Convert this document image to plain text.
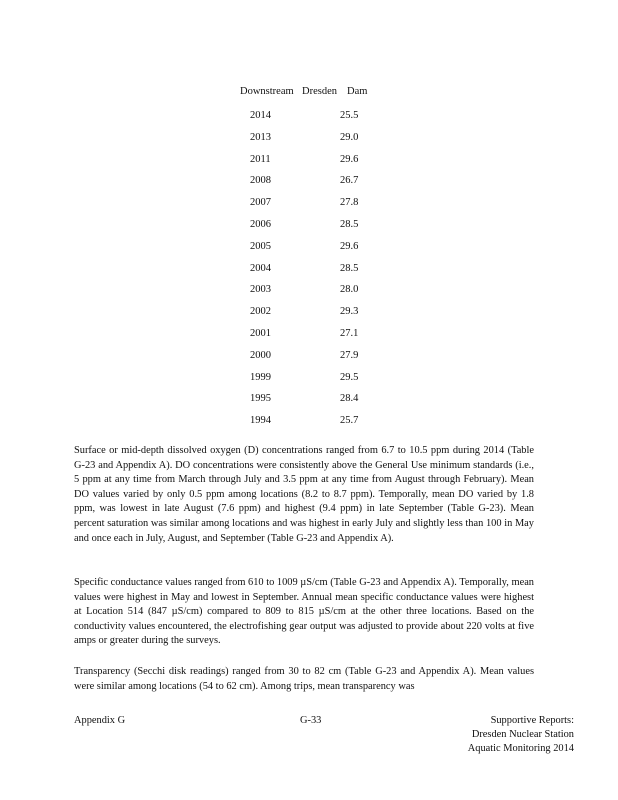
Downstream Dresden Dam
2014	25.5
2013	29.0
2011	29.6
2008	26.7
2007	27.8
2006	28.5
2005	29.6
2004	28.5
2003	28.0
2002	29.3
2001	27.1
2000	27.9
1999	29.5
1995	28.4
1994	25.7

Surface or mid-depth dissolved oxygen (D) concentrations ranged from 6.7 to 10.5 ppm during 2014 (Table G-23 and Appendix A). DO concentrations were consistently above the General Use minimum standards (i.e., 5 ppm at any time from March through July and 3.5 ppm at any time from August through February). Mean DO values varied by only 0.5 ppm among locations (8.2 to 8.7 ppm). Temporally, mean DO varied by 1.8 ppm, was lowest in late August (7.6 ppm) and highest (9.4 ppm) in late September (Table G-23). Mean percent saturation was similar among locations and was highest in early July and slightly less than 100 in May and once each in July, August, and September (Table G-23 and Appendix A).

Specific conductance values ranged from 610 to 1009 µS/cm (Table G-23 and Appendix A). Temporally, mean values were highest in May and lowest in September. Annual mean specific conductance values were highest at Location 514 (847 µS/cm) compared to 809 to 815 µS/cm at the other three locations. Based on the conductivity values encountered, the electrofishing gear output was adjusted to provide about 220 volts at five amps or greater during the surveys.

Transparency (Secchi disk readings) ranged from 30 to 82 cm (Table G-23 and Appendix A). Mean values were similar among locations (54 to 62 cm). Among trips, mean transparency was

Appendix G	G-33	Supportive Reports:
Dresden Nuclear Station
Aquatic Monitoring 2014
